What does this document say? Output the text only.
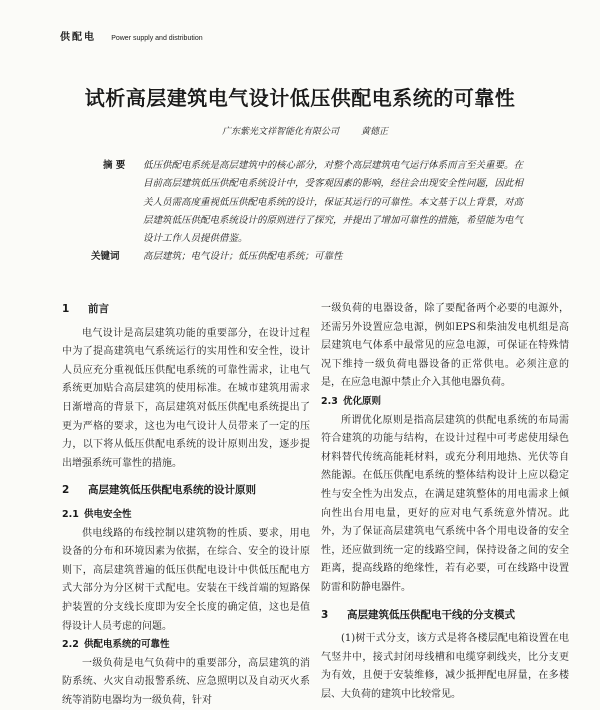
供配电 Power supply and distribution
试析高层建筑电气设计低压供配电系统的可靠性
广东紫光文祥智能化有限公司 黄德正
摘 要	低压供配电系统是高层建筑中的核心部分，对整个高层建筑电气运行体系而言至关重要。在目前高层建筑低压供配电系统设计中，受客观因素的影响，经往会出现安全性问题，因此相关人员需高度重视低压供配电系统的设计，保证其运行的可靠性。本文基于以上背景，对高层建筑低压供配电系统设计的原则进行了探究，并提出了增加可靠性的措施，希望能为电气设计工作人员提供借鉴。
关键词	高层建筑；电气设计；低压供配电系统；可靠性
1 前言

电气设计是高层建筑功能的重要部分，在设计过程中为了提高建筑电气系统运行的实用性和安全性，设计人员应充分重视低压供配电系统的可靠性需求，让电气系统更加贴合高层建筑的使用标准。在城市建筑用需求日渐增高的背景下，高层建筑对低压供配电系统提出了更为严格的要求，这也为电气设计人员带来了一定的压力，以下将从低压供配电系统的设计原则出发，逐步提出增强系统可靠性的措施。

2 高层建筑低压供配电系统的设计原则
2.1 供电安全性

供电线路的布线控制以建筑物的性质、要求，用电设备的分布和环境因素为依据，在综合、安全的设计原则下，高层建筑普遍的低压供配电设计中供低压配电方式大部分为分区树干式配电。安装在干线首端的短路保护装置的分支线长度即为安全长度的确定值，这也是值得设计人员考虑的问题。

2.2 供配电系统的可靠性

一级负荷是电气负荷中的重要部分，高层建筑的消防系统、火灾自动报警系统、应急照明以及自动灭火系统等消防电器均为一级负荷，针对

一级负荷的电器设备，除了要配备两个必要的电源外，还需另外设置应急电源，例如EPS和柴油发电机组是高层建筑电气体系中最常见的应急电源，可保证在特殊情况下维持一级负荷电器设备的正常供电。必须注意的是，在应急电源中禁止介入其他电器负荷。

2.3 优化原则

所谓优化原则是指高层建筑的供配电系统的布局需符合建筑的功能与结构，在设计过程中可考虑使用绿色材料替代传统高能耗材料，或充分利用地热、光伏等自然能源。在低压供配电系统的整体结构设计上应以稳定性与安全性为出发点，在满足建筑整体的用电需求上倾向性出台用电量，更好的应对电气系统意外情况。此外，为了保证高层建筑电气系统中各个用电设备的安全性，还应做到统一定的线路空间，保持设备之间的安全距离，提高线路的绝缘性，若有必要，可在线路中设置防雷和防静电器件。

3 高层建筑低压供配电干线的分支模式

(1)树干式分支，该方式是将各楼层配电箱设置在电气竖井中，接式封闭母线槽和电缆穿刺线夹，比分支更为有效，且便于安装维修，减少抵押配电屏量，在多楼层、大负荷的建筑中比较常见。
